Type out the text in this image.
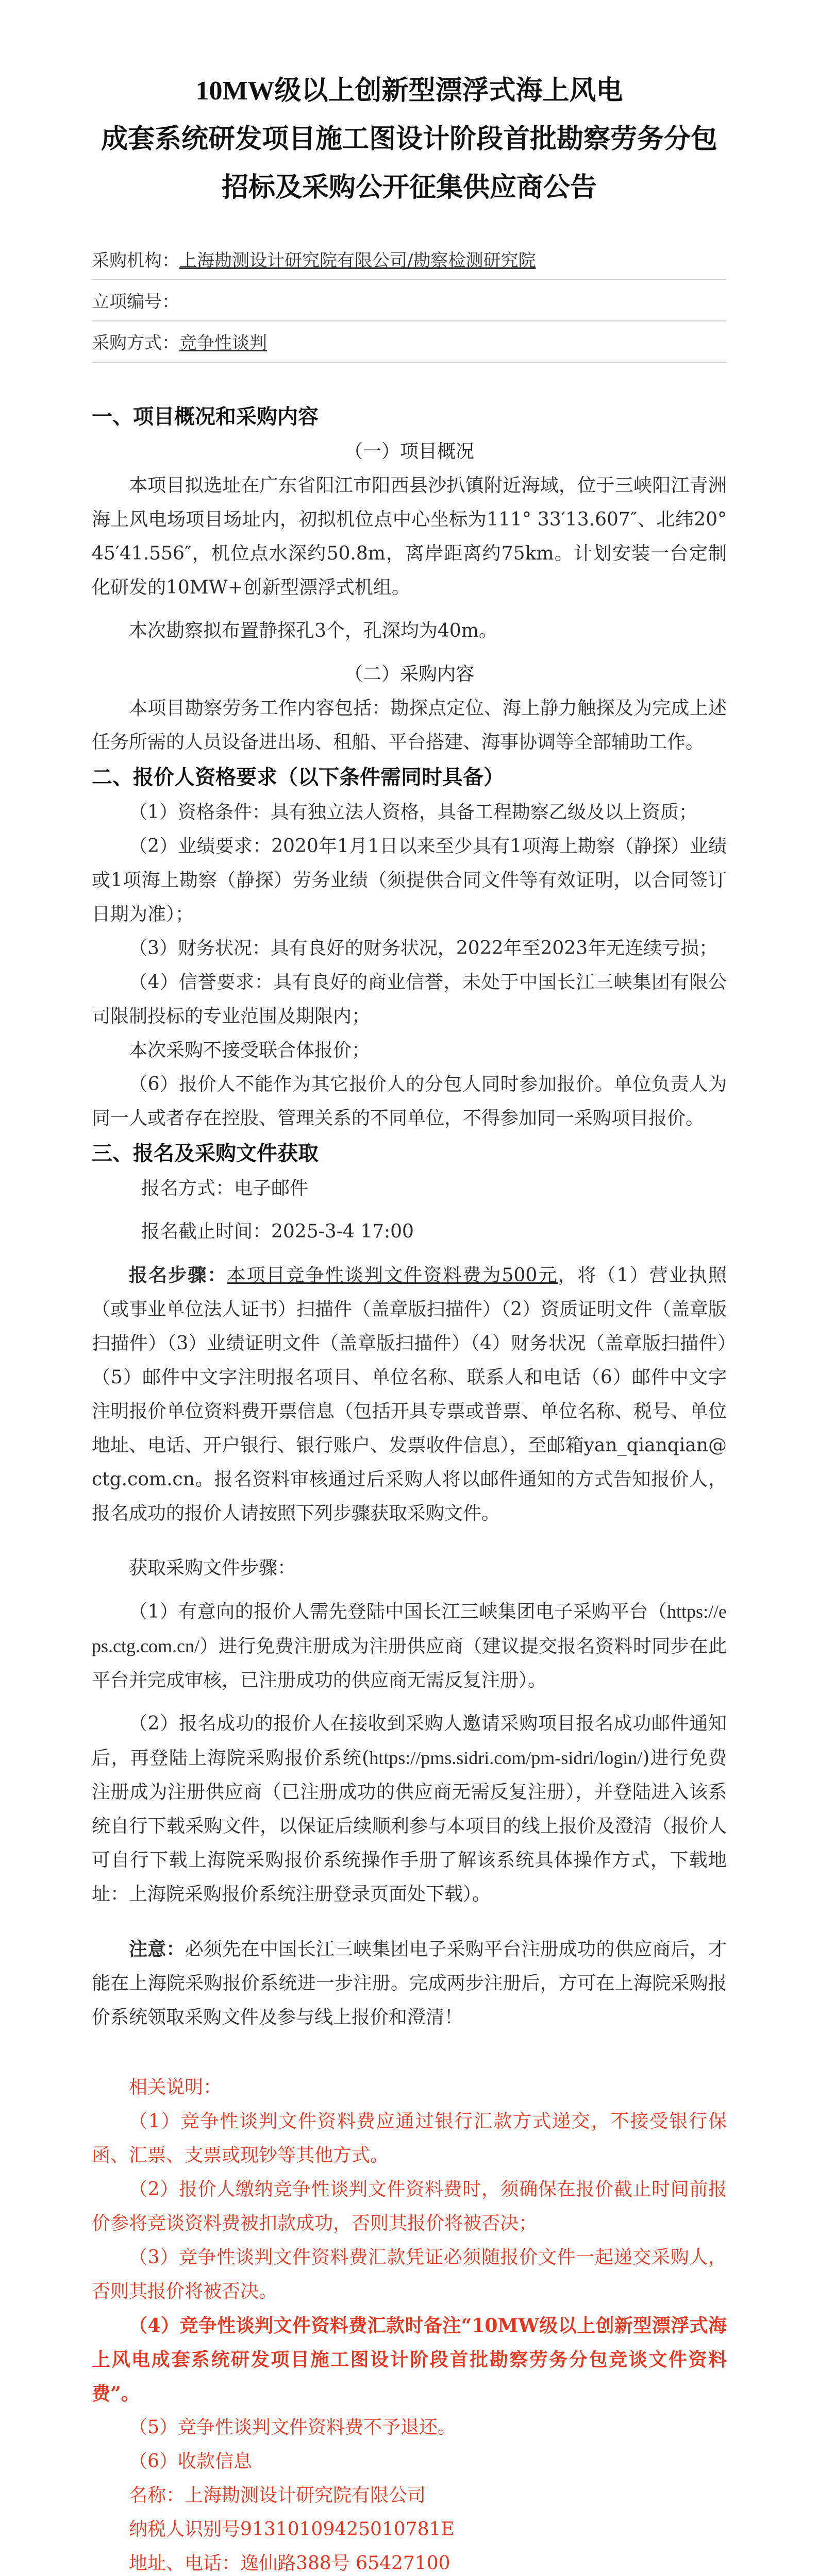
10MW级以上创新型漂浮式海上风电

成套系统研发项目施工图设计阶段首批勘察劳务分包

招标及采购公开征集供应商公告

采购机构：上海勘测设计研究院有限公司/勘察检测研究院
立项编号：
采购方式：竞争性谈判

一、项目概况和采购内容

（一）项目概况

本项目拟选址在广东省阳江市阳西县沙扒镇附近海域，位于三峡阳江青洲海上风电场项目场址内，初拟机位点中心坐标为111° 33′13.607″、北纬20° 45′41.556″，机位点水深约50.8m，离岸距离约75km。计划安装一台定制化研发的10MW+创新型漂浮式机组。

本次勘察拟布置静探孔3个，孔深均为40m。

（二）采购内容

本项目勘察劳务工作内容包括：勘探点定位、海上静力触探及为完成上述任务所需的人员设备进出场、租船、平台搭建、海事协调等全部辅助工作。

二、报价人资格要求（以下条件需同时具备）

（1）资格条件：具有独立法人资格，具备工程勘察乙级及以上资质；

（2）业绩要求：2020年1月1日以来至少具有1项海上勘察（静探）业绩或1项海上勘察（静探）劳务业绩（须提供合同文件等有效证明，以合同签订日期为准）；

（3）财务状况：具有良好的财务状况，2022年至2023年无连续亏损；

（4）信誉要求：具有良好的商业信誉，未处于中国长江三峡集团有限公司限制投标的专业范围及期限内；

本次采购不接受联合体报价；

（6）报价人不能作为其它报价人的分包人同时参加报价。单位负责人为同一人或者存在控股、管理关系的不同单位，不得参加同一采购项目报价。

三、报名及采购文件获取

报名方式：电子邮件

报名截止时间：2025-3-4 17:00

报名步骤：本项目竞争性谈判文件资料费为500元，将（1）营业执照（或事业单位法人证书）扫描件（盖章版扫描件）（2）资质证明文件（盖章版扫描件）（3）业绩证明文件（盖章版扫描件）（4）财务状况（盖章版扫描件）（5）邮件中文字注明报名项目、单位名称、联系人和电话（6）邮件中文字注明报价单位资料费开票信息（包括开具专票或普票、单位名称、税号、单位地址、电话、开户银行、银行账户、发票收件信息），至邮箱yan_qianqian@ctg.com.cn。报名资料审核通过后采购人将以邮件通知的方式告知报价人，报名成功的报价人请按照下列步骤获取采购文件。

获取采购文件步骤：

（1）有意向的报价人需先登陆中国长江三峡集团电子采购平台（https://eps.ctg.com.cn/）进行免费注册成为注册供应商（建议提交报名资料时同步在此平台并完成审核，已注册成功的供应商无需反复注册）。

（2）报名成功的报价人在接收到采购人邀请采购项目报名成功邮件通知后，再登陆上海院采购报价系统(https://pms.sidri.com/pm-sidri/login/)进行免费注册成为注册供应商（已注册成功的供应商无需反复注册），并登陆进入该系统自行下载采购文件，以保证后续顺利参与本项目的线上报价及澄清（报价人可自行下载上海院采购报价系统操作手册了解该系统具体操作方式，下载地址：上海院采购报价系统注册登录页面处下载）。

注意：必须先在中国长江三峡集团电子采购平台注册成功的供应商后，才能在上海院采购报价系统进一步注册。完成两步注册后，方可在上海院采购报价系统领取采购文件及参与线上报价和澄清！

相关说明：

（1）竞争性谈判文件资料费应通过银行汇款方式递交，不接受银行保函、汇票、支票或现钞等其他方式。

（2）报价人缴纳竞争性谈判文件资料费时，须确保在报价截止时间前报价参将竞谈资料费被扣款成功，否则其报价将被否决；

（3）竞争性谈判文件资料费汇款凭证必须随报价文件一起递交采购人，否则其报价将被否决。

（4）竞争性谈判文件资料费汇款时备注“10MW级以上创新型漂浮式海上风电成套系统研发项目施工图设计阶段首批勘察劳务分包竞谈文件资料费”。

（5）竞争性谈判文件资料费不予退还。

（6）收款信息

名称：上海勘测设计研究院有限公司

纳税人识别号913101094250107​81E

地址、电话：逸仙路388号 65427100
